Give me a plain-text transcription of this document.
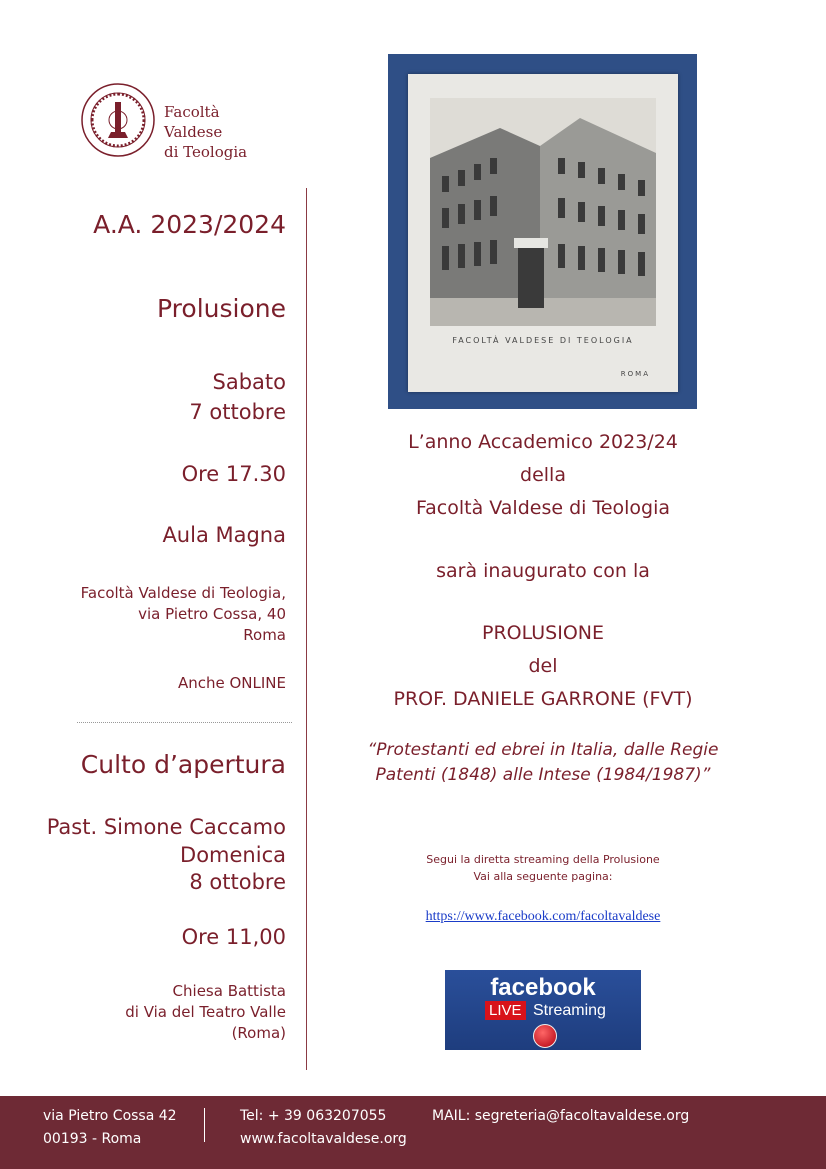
Facoltà Valdese
di Teologia
A.A. 2023/2024
Prolusione
Sabato
7 ottobre
Ore 17.30
Aula Magna
Facoltà Valdese di Teologia,
via Pietro Cossa, 40
Roma
Anche ONLINE
Culto d’apertura
Past. Simone Caccamo
Domenica
8 ottobre
Ore 11,00
Chiesa Battista
di Via del Teatro Valle
(Roma)
FACOLTÀ VALDESE DI TEOLOGIA
ROMA
L’anno Accademico 2023/24
della
Facoltà Valdese di Teologia
sarà inaugurato con la
PROLUSIONE
del
PROF. DANIELE GARRONE (FVT)
“Protestanti ed ebrei in Italia, dalle Regie
Patenti (1848) alle Intese (1984/1987)”
Segui la diretta streaming della Prolusione
Vai alla seguente pagina:
https://www.facebook.com/facoltavaldese
facebook
LIVE Streaming
via Pietro Cossa 42
00193 - Roma
Tel: + 39 063207055	MAIL: segreteria@facoltavaldese.org
www.facoltavaldese.org
